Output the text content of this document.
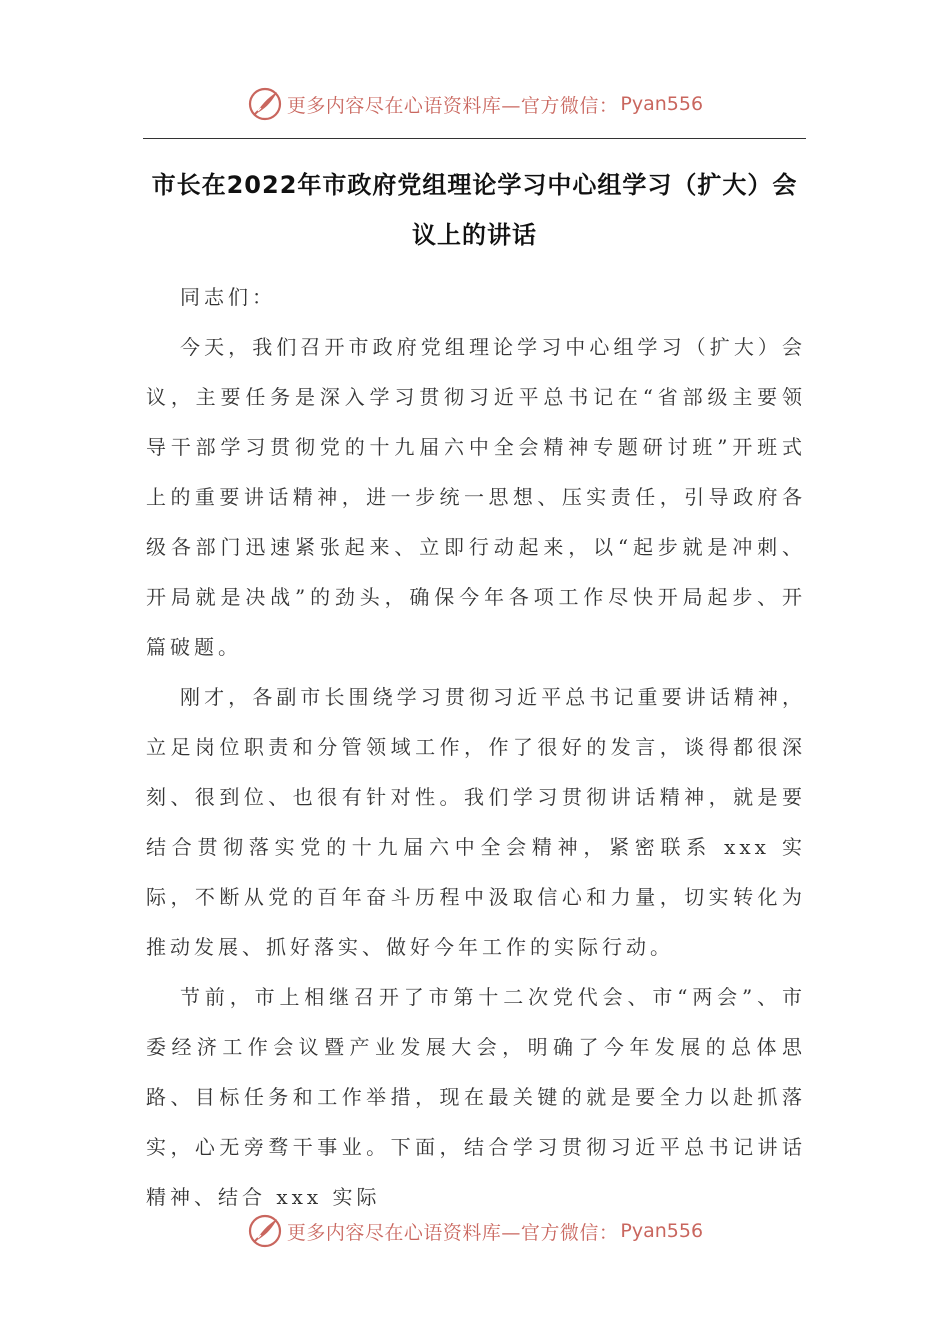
更多内容尽在心语资料库—官方微信： Pyan556
市长在2022年市政府党组理论学习中心组学习（扩大）会议上的讲话

同志们：

今天，我们召开市政府党组理论学习中心组学习（扩大）会议，主要任务是深入学习贯彻习近平总书记在“省部级主要领导干部学习贯彻党的十九届六中全会精神专题研讨班”开班式上的重要讲话精神，进一步统一思想、压实责任，引导政府各级各部门迅速紧张起来、立即行动起来，以“起步就是冲刺、开局就是决战”的劲头，确保今年各项工作尽快开局起步、开篇破题。

刚才，各副市长围绕学习贯彻习近平总书记重要讲话精神，立足岗位职责和分管领域工作，作了很好的发言，谈得都很深刻、很到位、也很有针对性。我们学习贯彻讲话精神，就是要结合贯彻落实党的十九届六中全会精神，紧密联系 xxx 实际，不断从党的百年奋斗历程中汲取信心和力量，切实转化为推动发展、抓好落实、做好今年工作的实际行动。

节前，市上相继召开了市第十二次党代会、市“两会”、市委经济工作会议暨产业发展大会，明确了今年发展的总体思路、目标任务和工作举措，现在最关键的就是要全力以赴抓落实，心无旁骛干事业。下面，结合学习贯彻习近平总书记讲话精神、结合 xxx 实际

更多内容尽在心语资料库—官方微信： Pyan556
